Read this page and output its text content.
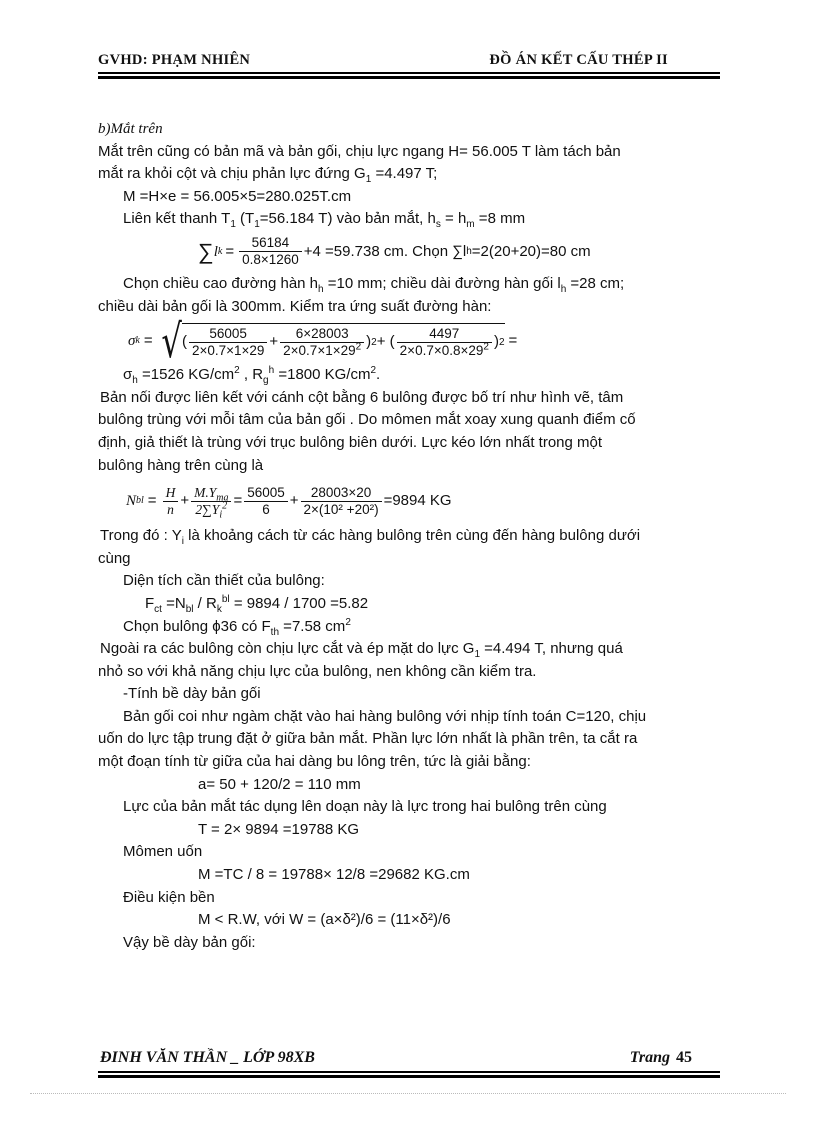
GVHD: PHẠM NHIÊN	ĐỒ ÁN KẾT CẤU THÉP II
b)Mắt trên
Mắt trên cũng có bản mã và bản gối, chịu lực ngang H= 56.005 T làm tách bản
mắt ra khỏi cột và chịu phản lực đứng $G_1 =4.497$ T;
M =H×e = 56.005×5=280.025T.cm
Liên kết thanh $T_1$ ($T_1=56.184$ T) vào bản mắt, $h_s = h_m =8$ mm
∑ l $k = \frac{56184}{0.8\times 1260} +4 =59.738$ cm. Chọn ∑l h =2(20+20)=80 cm
Chọn chiều cao đường hàn $h_h =10$ mm; chiều dài đường hàn gối $l_h =28$ cm;
chiều dài bản gối là 300mm. Kiểm tra ứng suất đường hàn:
σ k = √ ( $\frac{56005}{2\times 0.7\times 1\times 29} + \frac{6\times 28003}{2\times 0.7\times 1\times 29^2}$ ) 2 + ( $\frac{4497}{2\times 0.7\times 0.8\times 29^2}$ ) 2 =
$\sigma_h =1526$ $KG/cm^2$ , $R_g^h =1800$ $KG/cm^2$.
Bản nối được liên kết với cánh cột bằng 6 bulông được bố trí như hình vẽ, tâm
bulông trùng với mỗi tâm của bản gối . Do mômen mắt xoay xung quanh điểm cố
định, giả thiết là trùng với trục bulông biên dưới. Lực kéo lớn nhất trong một
bulông hàng trên cùng là
N bl = $\frac{H}{n} + \frac{M.Y_{ma}}{2\sum Y_i^2} = \frac{56005}{6} + \frac{28003\times 20}{\text{2×(10² +20²)}} =9894$ KG
Trong đó : $Y_i$ là khoảng cách từ các hàng bulông trên cùng đến hàng bulông dưới
cùng
Diện tích cần thiết của bulông:
$F_{ct} =N_{bl} / R_k^{bl} = 9894 / 1700 =5.82$
Chọn bulông ϕ36 có $F_{th} =7.58$ $cm^2$
Ngoài ra các bulông còn chịu lực cắt và ép mặt do lực $G_1 =4.494$ T, nhưng quá
nhỏ so với khả năng chịu lực của bulông, nen không cần kiểm tra.
-Tính bề dày bản gối
Bản gối coi như ngàm chặt vào hai hàng bulông với nhịp tính toán C=120, chịu
uốn do lực tập trung đặt ở giữa bản mắt. Phần lực lớn nhất là phần trên, ta cắt ra
một đoạn tính từ giữa của hai dàng bu lông trên, tức là giải bằng:
a= 50 + 120/2 = 110 mm
Lực của bản mắt tác dụng lên doạn này là lực trong hai bulông trên cùng
T = 2× 9894 =19788 KG
Mômen uốn
M =TC / 8 = 19788× 12/8 =29682 KG.cm
Điều kiện bền
M < R.W, với W = (a×δ²)/6 = (11×δ²)/6
Vậy bề dày bản gối:
ĐINH VĂN THẦN _ LỚP 98XB	Trang 45
